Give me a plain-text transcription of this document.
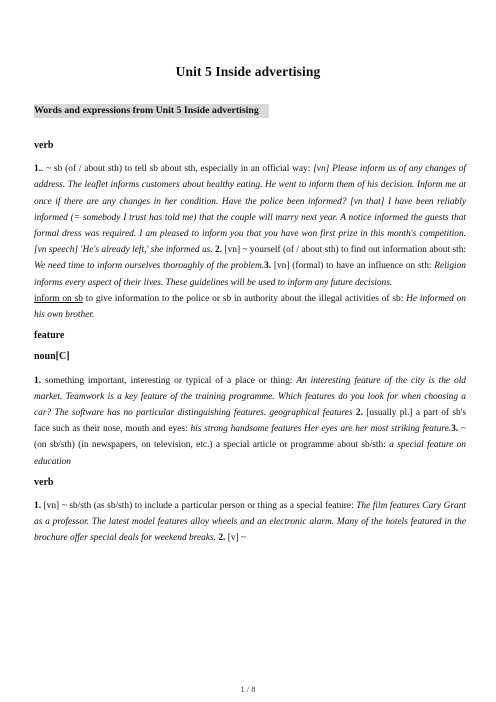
Unit 5 Inside advertising
Words and expressions from Unit 5 Inside advertising

verb

1.. ~ sb (of / about sth) to tell sb about sth, especially in an official way: [vn] Please inform us of any changes of address. The leaflet informs customers about healthy eating. He went to inform them of his decision. Inform me at once if there are any changes in her condition. Have the police been informed? [vn that] I have been reliably informed (= somebody I trust has told me) that the couple will marry next year. A notice informed the guests that formal dress was required. I am pleased to inform you that you have won first prize in this month's competition. [vn speech] 'He's already left,' she informed us. 2. [vn] ~ yourself (of / about sth) to find out information about sth: We need time to inform ourselves thoroughly of the problem.3. [vn] (formal) to have an influence on sth: Religion informs every aspect of their lives. These guidelines will be used to inform any future decisions.

inform on sb to give information to the police or sb in authority about the illegal activities of sb: He informed on his own brother.

feature

noun[C]

1. something important, interesting or typical of a place or thing: An interesting feature of the city is the old market. Teamwork is a key feature of the training programme. Which features do you look for when choosing a car? The software has no particular distinguishing features. geographical features 2. [usually pl.] a part of sb's face such as their nose, mouth and eyes: his strong handsome features Her eyes are her most striking feature.3. ~ (on sb/sth) (in newspapers, on television, etc.) a special article or programme about sb/sth: a special feature on education

verb

1. [vn] ~ sb/sth (as sb/sth) to include a particular person or thing as a special feature: The film features Cary Grant as a professor. The latest model features alloy wheels and an electronic alarm. Many of the hotels featured in the brochure offer special deals for weekend breaks. 2. [v] ~

1 / 8
